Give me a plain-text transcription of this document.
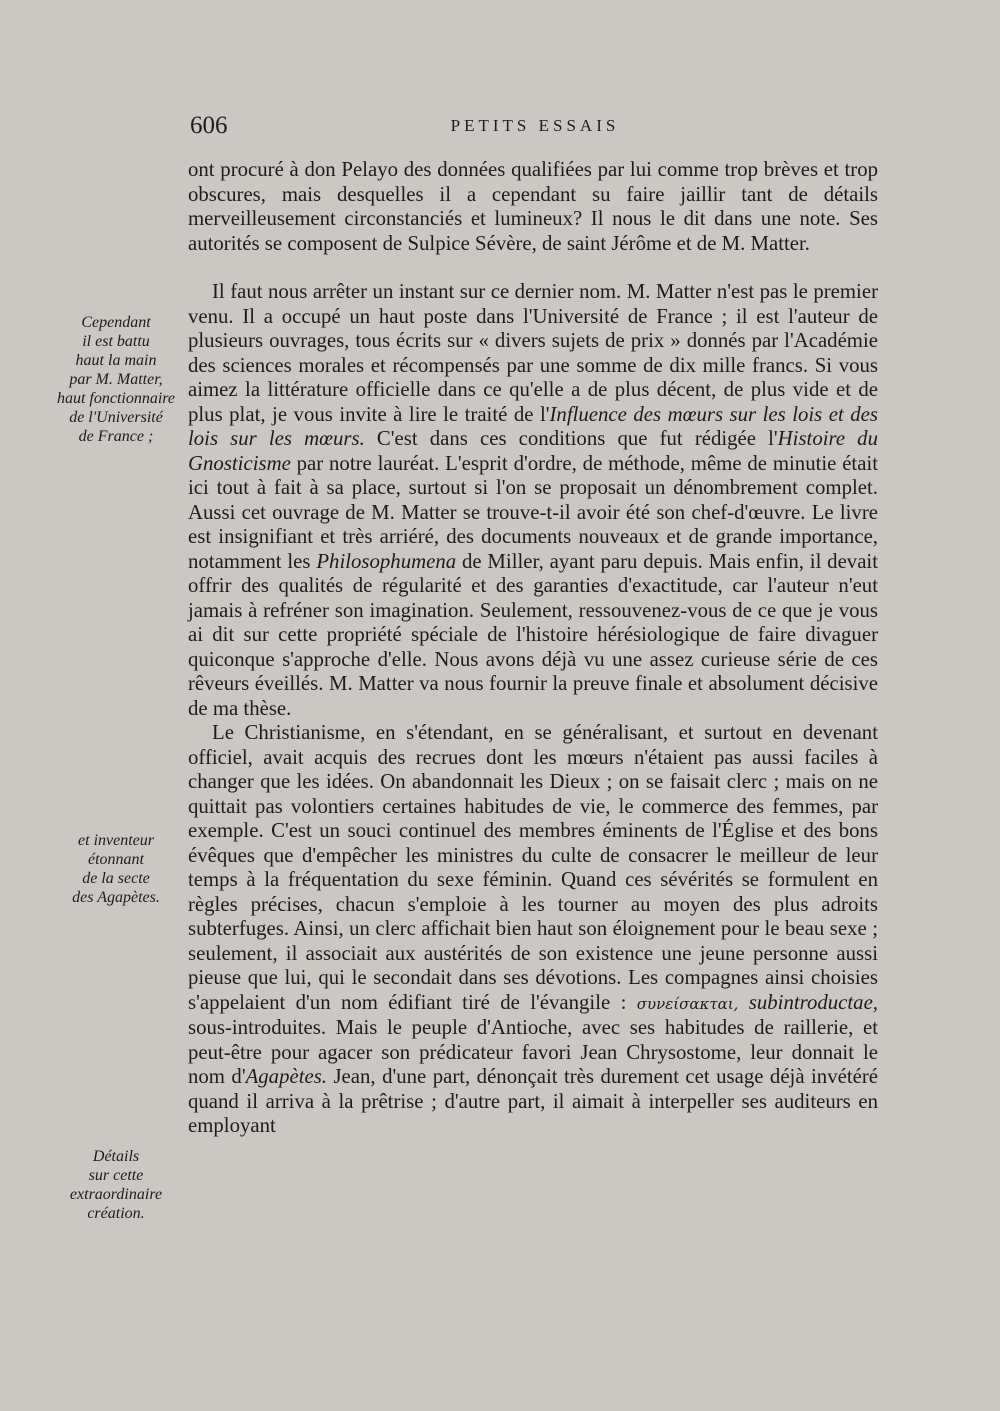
606	PETITS ESSAIS
Cependant
il est battu
haut la main
par M. Matter,
haut fonctionnaire
de l'Université
de France ;
et inventeur
étonnant
de la secte
des Agapètes.
Détails
sur cette
extraordinaire
création.

ont procuré à don Pelayo des données qualifiées par lui comme trop brèves et trop obscures, mais desquelles il a cependant su faire jaillir tant de détails merveilleusement circonstanciés et lumineux? Il nous le dit dans une note. Ses autorités se composent de Sulpice Sévère, de saint Jérôme et de M. Matter.

Il faut nous arrêter un instant sur ce dernier nom. M. Matter n'est pas le premier venu. Il a occupé un haut poste dans l'Université de France ; il est l'auteur de plusieurs ouvrages, tous écrits sur « divers sujets de prix » donnés par l'Académie des sciences morales et récompensés par une somme de dix mille francs. Si vous aimez la littérature officielle dans ce qu'elle a de plus décent, de plus vide et de plus plat, je vous invite à lire le traité de l'Influence des mœurs sur les lois et des lois sur les mœurs. C'est dans ces conditions que fut rédigée l'Histoire du Gnosticisme par notre lauréat. L'esprit d'ordre, de méthode, même de minutie était ici tout à fait à sa place, surtout si l'on se proposait un dénombrement complet. Aussi cet ouvrage de M. Matter se trouve-t-il avoir été son chef-d'œuvre. Le livre est insignifiant et très arriéré, des documents nouveaux et de grande importance, notamment les Philosophumena de Miller, ayant paru depuis. Mais enfin, il devait offrir des qualités de régularité et des garanties d'exactitude, car l'auteur n'eut jamais à refréner son imagination. Seulement, ressouvenez-vous de ce que je vous ai dit sur cette propriété spéciale de l'histoire hérésiologique de faire divaguer quiconque s'approche d'elle. Nous avons déjà vu une assez curieuse série de ces rêveurs éveillés. M. Matter va nous fournir la preuve finale et absolument décisive de ma thèse.

Le Christianisme, en s'étendant, en se généralisant, et surtout en devenant officiel, avait acquis des recrues dont les mœurs n'étaient pas aussi faciles à changer que les idées. On abandonnait les Dieux ; on se faisait clerc ; mais on ne quittait pas volontiers certaines habitudes de vie, le commerce des femmes, par exemple. C'est un souci continuel des membres éminents de l'Église et des bons évêques que d'empêcher les ministres du culte de consacrer le meilleur de leur temps à la fréquentation du sexe féminin. Quand ces sévérités se formulent en règles précises, chacun s'emploie à les tourner au moyen des plus adroits subterfuges. Ainsi, un clerc affichait bien haut son éloignement pour le beau sexe ; seulement, il associait aux austérités de son existence une jeune personne aussi pieuse que lui, qui le secondait dans ses dévotions. Les compagnes ainsi choisies s'appelaient d'un nom édifiant tiré de l'évangile : συνείσακται, subintroductae, sous-introduites. Mais le peuple d'Antioche, avec ses habitudes de raillerie, et peut-être pour agacer son prédicateur favori Jean Chrysostome, leur donnait le nom d'Agapètes. Jean, d'une part, dénonçait très durement cet usage déjà invétéré quand il arriva à la prêtrise ; d'autre part, il aimait à interpeller ses auditeurs en employant
